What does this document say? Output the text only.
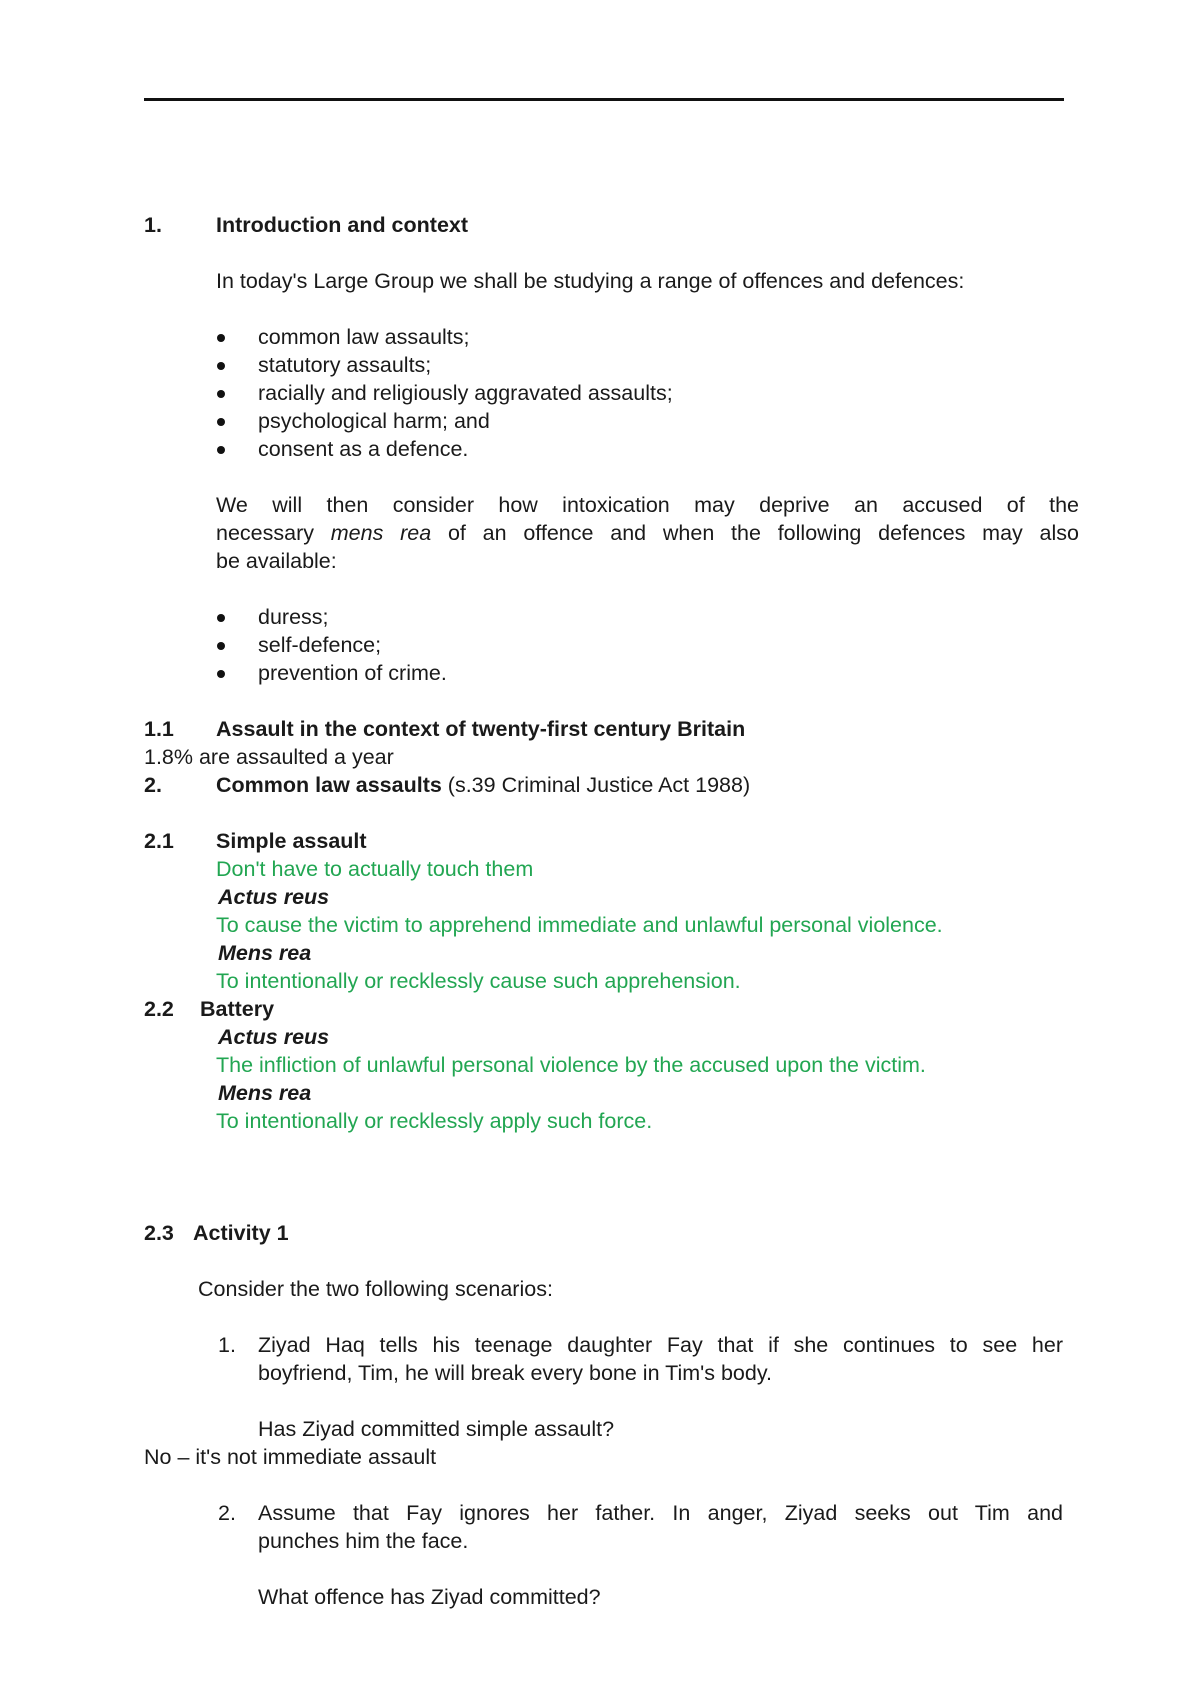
1.	Introduction and context

In today's Large Group we shall be studying a range of offences and defences:

common law assaults;

statutory assaults;

racially and religiously aggravated assaults;

psychological harm; and

consent as a defence.

We will then consider how intoxication may deprive an accused of the

necessary mens rea of an offence and when the following defences may also

be available:

duress;

self-defence;

prevention of crime.

1.1 Assault in the context of twenty-first century Britain

1.8% are assaulted a year

2.	Common law assaults (s.39 Criminal Justice Act 1988)

2.1 Simple assault

Don't have to actually touch them

Actus reus

To cause the victim to apprehend immediate and unlawful personal violence.

Mens rea

To intentionally or recklessly cause such apprehension.

2.2 Battery

Actus reus

The infliction of unlawful personal violence by the accused upon the victim.

Mens rea

To intentionally or recklessly apply such force.

2.3 Activity 1

Consider the two following scenarios:

1. Ziyad Haq tells his teenage daughter Fay that if she continues to see her

boyfriend, Tim, he will break every bone in Tim's body.

Has Ziyad committed simple assault?

No – it's not immediate assault

2. Assume that Fay ignores her father. In anger, Ziyad seeks out Tim and

punches him the face.

What offence has Ziyad committed?
